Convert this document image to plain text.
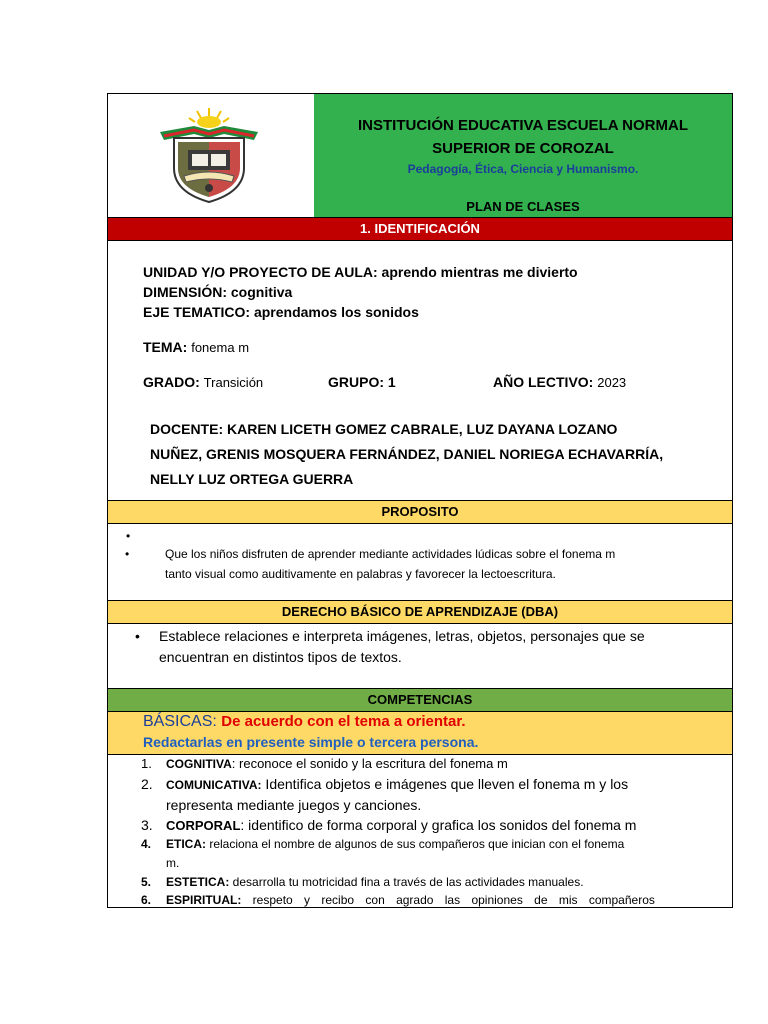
INSTITUCIÓN EDUCATIVA ESCUELA NORMAL
SUPERIOR DE COROZAL
Pedagogía, Ética, Ciencia y Humanismo.
PLAN DE CLASES
1. IDENTIFICACIÓN
UNIDAD Y/O PROYECTO DE AULA: aprendo mientras me divierto
DIMENSIÓN: cognitiva
EJE TEMATICO: aprendamos los sonidos
TEMA: fonema m
GRADO: Transición	GRUPO: 1	AÑO LECTIVO: 2023
DOCENTE: KAREN LICETH GOMEZ CABRALE, LUZ DAYANA LOZANO
NUÑEZ, GRENIS MOSQUERA FERNÁNDEZ, DANIEL NORIEGA ECHAVARRÍA,
NELLY LUZ ORTEGA GUERRA
PROPOSITO
•
•	Que los niños disfruten de aprender mediante actividades lúdicas sobre el fonema m
tanto visual como auditivamente en palabras y favorecer la lectoescritura.
DERECHO BÁSICO DE APRENDIZAJE (DBA)
•	Establece relaciones e interpreta imágenes, letras, objetos, personajes que se
encuentran en distintos tipos de textos.
COMPETENCIAS
BÁSICAS: De acuerdo con el tema a orientar.
Redactarlas en presente simple o tercera persona.
1. COGNITIVA: reconoce el sonido y la escritura del fonema m
2. COMUNICATIVA: Identifica objetos e imágenes que lleven el fonema m y los
representa mediante juegos y canciones.
3. CORPORAL: identifico de forma corporal y grafica los sonidos del fonema m
4. ETICA: relaciona el nombre de algunos de sus compañeros que inician con el fonema
m.
5. ESTETICA: desarrolla tu motricidad fina a través de las actividades manuales.
6. ESPIRITUAL: respeto y recibo con agrado las opiniones de mis compañeros
